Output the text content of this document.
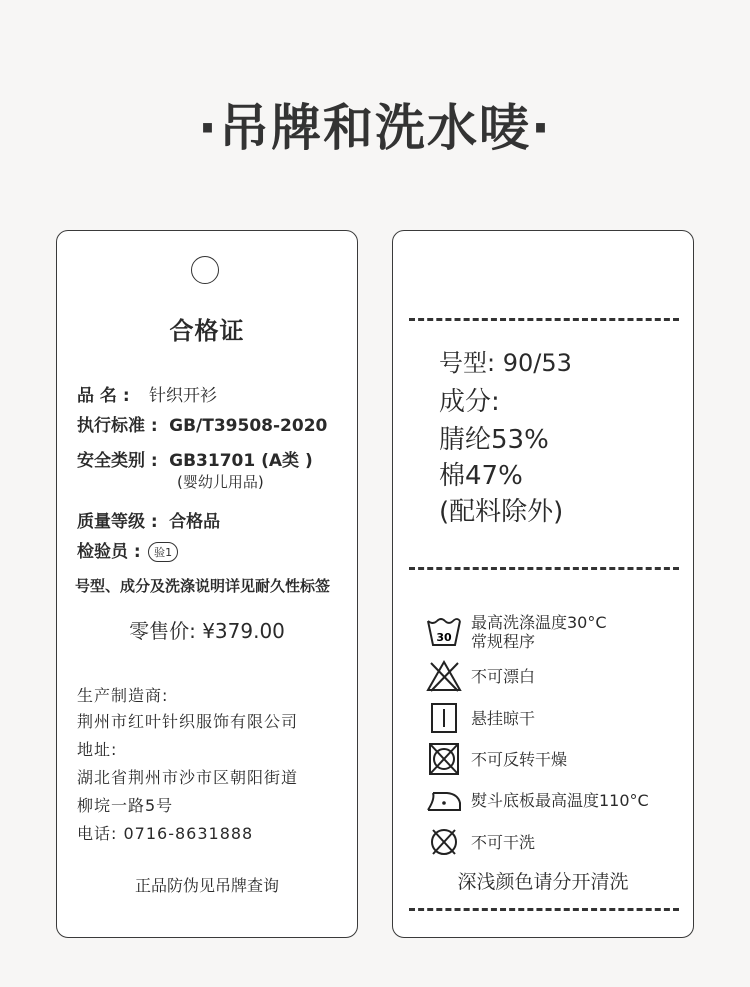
·吊牌和洗水唛·
合格证
品 名 : 针织开衫
执行标准 : GB/T39508-2020
安全类别 : GB31701 (A类 )
(婴幼儿用品)
质量等级 : 合格品
检验员 : 验1
号型、成分及洗涤说明详见耐久性标签
零售价: ¥379.00
生产制造商:
荆州市红叶针织服饰有限公司
地址:
湖北省荆州市沙市区朝阳街道
柳垸一路5号
电话: 0716-8631888
正品防伪见吊牌查询
号型: 90/53
成分:
腈纶53%
棉47%
(配料除外)
30
最高洗涤温度30°C
常规程序
不可漂白
悬挂晾干
不可反转干燥
熨斗底板最高温度110°C
不可干洗
深浅颜色请分开清洗
